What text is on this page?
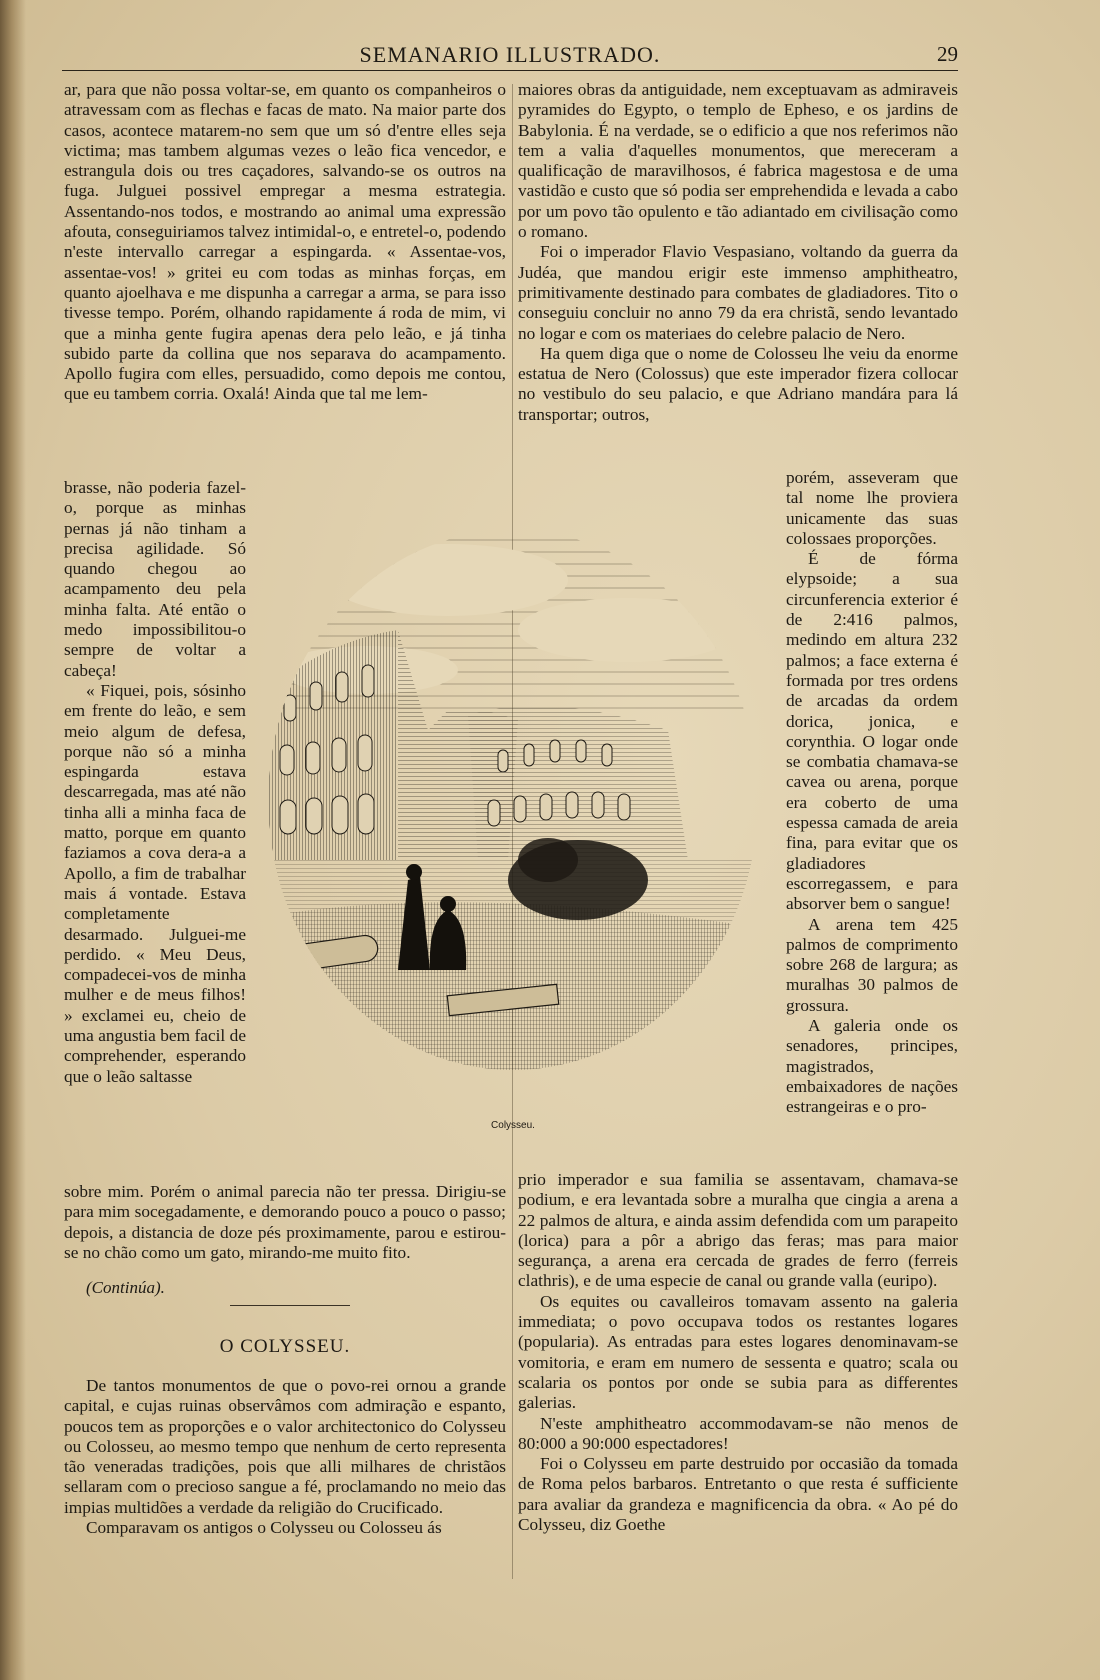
SEMANARIO ILLUSTRADO.	29

ar, para que não possa voltar-se, em quanto os companheiros o atravessam com as flechas e facas de mato. Na maior parte dos casos, acontece matarem-no sem que um só d'entre elles seja victima; mas tambem algumas vezes o leão fica vencedor, e estrangula dois ou tres caçadores, salvando-se os outros na fuga. Julguei possivel empregar a mesma estrategia. Assentando-nos todos, e mostrando ao animal uma expressão afouta, conseguiriamos talvez intimidal-o, e entretel-o, podendo n'este intervallo carregar a espingarda. « Assentae-vos, assentae-vos! » gritei eu com todas as minhas forças, em quanto ajoelhava e me dispunha a carregar a arma, se para isso tivesse tempo. Porém, olhando rapidamente á roda de mim, vi que a minha gente fugira apenas dera pelo leão, e já tinha subido parte da collina que nos separava do acampamento. Apollo fugira com elles, persuadido, como depois me contou, que eu tambem corria. Oxalá! Ainda que tal me lem-

brasse, não poderia fazel-o, porque as minhas pernas já não tinham a precisa agilidade. Só quando chegou ao acampamento deu pela minha falta. Até então o medo impossibilitou-o sempre de voltar a cabeça!

« Fiquei, pois, sósinho em frente do leão, e sem meio algum de defesa, porque não só a minha espingarda estava descarregada, mas até não tinha alli a minha faca de matto, porque em quanto faziamos a cova dera-a a Apollo, a fim de trabalhar mais á vontade. Estava completamente desarmado. Julguei-me perdido. « Meu Deus, compadecei-vos de minha mulher e de meus filhos! » exclamei eu, cheio de uma angustia bem facil de comprehender, esperando que o leão saltasse

maiores obras da antiguidade, nem exceptuavam as admiraveis pyramides do Egypto, o templo de Epheso, e os jardins de Babylonia. É na verdade, se o edificio a que nos referimos não tem a valia d'aquelles monumentos, que mereceram a qualificação de maravilhosos, é fabrica magestosa e de uma vastidão e custo que só podia ser emprehendida e levada a cabo por um povo tão opulento e tão adiantado em civilisação como o romano.

Foi o imperador Flavio Vespasiano, voltando da guerra da Judéa, que mandou erigir este immenso amphitheatro, primitivamente destinado para combates de gladiadores. Tito o conseguiu concluir no anno 79 da era christã, sendo levantado no logar e com os materiaes do celebre palacio de Nero.

Ha quem diga que o nome de Colosseu lhe veiu da enorme estatua de Nero (Colossus) que este imperador fizera collocar no vestibulo do seu palacio, e que Adriano mandára para lá transportar; outros,

porém, asseveram que tal nome lhe proviera unicamente das suas colossaes proporções.

É de fórma elypsoide; a sua circunferencia exterior é de 2:416 palmos, medindo em altura 232 palmos; a face externa é formada por tres ordens de arcadas da ordem dorica, jonica, e corynthia. O logar onde se combatia chamava-se cavea ou arena, porque era coberto de uma espessa camada de areia fina, para evitar que os gladiadores escorregassem, e para absorver bem o sangue!

A arena tem 425 palmos de comprimento sobre 268 de largura; as muralhas 30 palmos de grossura.

A galeria onde os senadores, principes, magistrados, embaixadores de nações estrangeiras e o pro-

Colysseu.

sobre mim. Porém o animal parecia não ter pressa. Dirigiu-se para mim socegadamente, e demorando pouco a pouco o passo; depois, a distancia de doze pés proximamente, parou e estirou-se no chão como um gato, mirando-me muito fito.

(Continúa).
O COLYSSEU.

De tantos monumentos de que o povo-rei ornou a grande capital, e cujas ruinas observâmos com admiração e espanto, poucos tem as proporções e o valor architectonico do Colysseu ou Colosseu, ao mesmo tempo que nenhum de certo representa tão veneradas tradições, pois que alli milhares de christãos sellaram com o precioso sangue a fé, proclamando no meio das impias multidões a verdade da religião do Crucificado.

Comparavam os antigos o Colysseu ou Colosseu ás

prio imperador e sua familia se assentavam, chamava-se podium, e era levantada sobre a muralha que cingia a arena a 22 palmos de altura, e ainda assim defendida com um parapeito (lorica) para a pôr a abrigo das feras; mas para maior segurança, a arena era cercada de grades de ferro (ferreis clathris), e de uma especie de canal ou grande valla (euripo).

Os equites ou cavalleiros tomavam assento na galeria immediata; o povo occupava todos os restantes logares (popularia). As entradas para estes logares denominavam-se vomitoria, e eram em numero de sessenta e quatro; scala ou scalaria os pontos por onde se subia para as differentes galerias.

N'este amphitheatro accommodavam-se não menos de 80:000 a 90:000 espectadores!

Foi o Colysseu em parte destruido por occasião da tomada de Roma pelos barbaros. Entretanto o que resta é sufficiente para avaliar da grandeza e magnificencia da obra. « Ao pé do Colysseu, diz Goethe
